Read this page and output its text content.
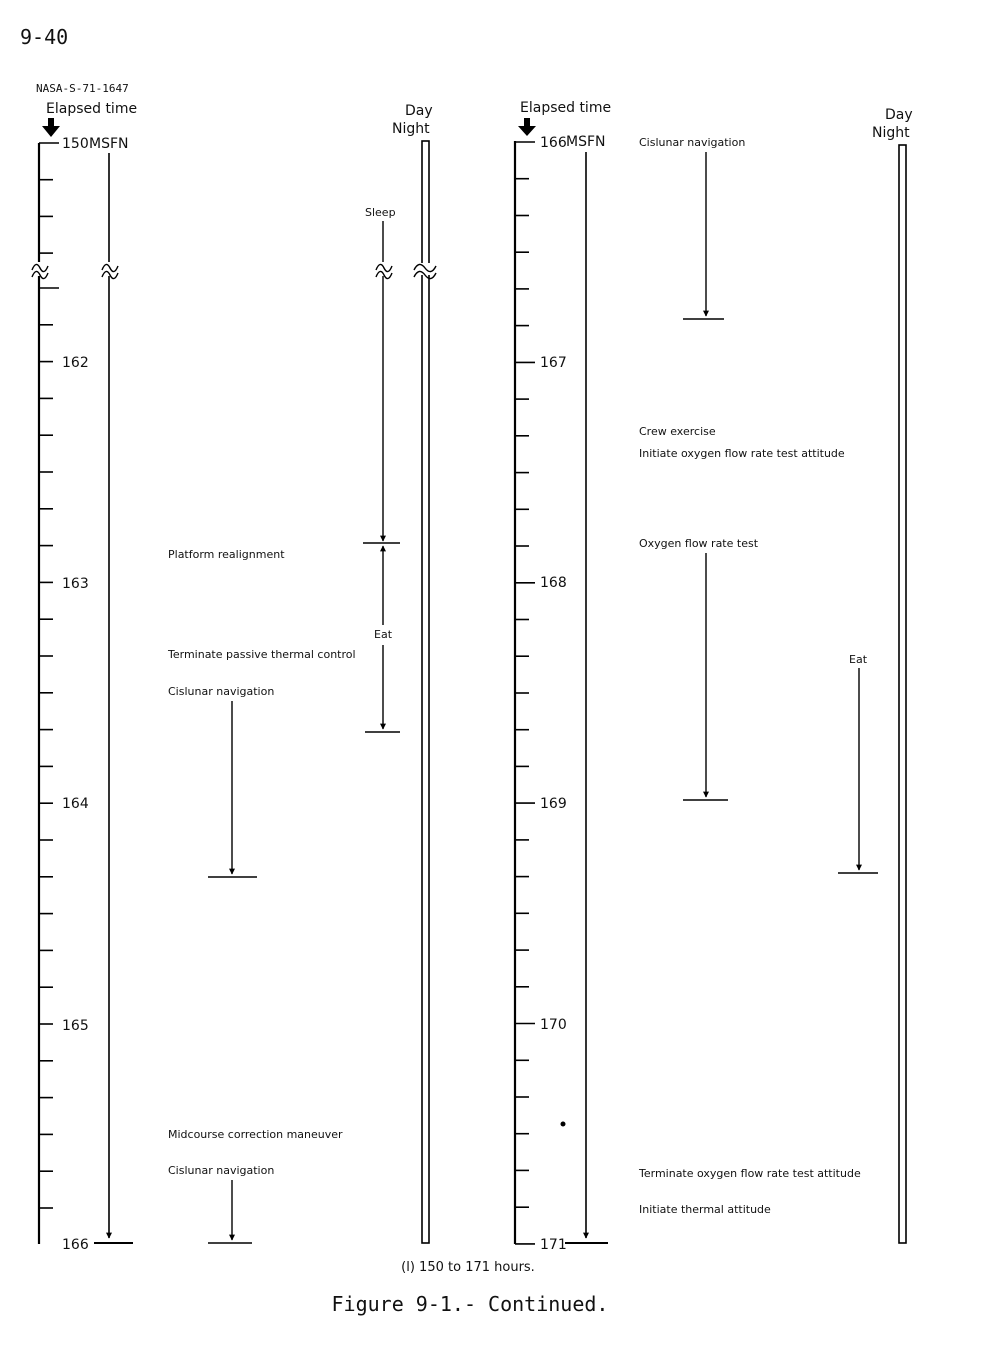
9-40
NASA-S-71-1647
Elapsed time
150
162
163
164
165
166
MSFN
Day
Night
Sleep
Eat
Platform realignment
Terminate passive thermal control
Cislunar navigation
Midcourse correction maneuver
Cislunar navigation
Elapsed time
166
167
168
169
170
171
MSFN
Day
Night
Cislunar navigation
Crew exercise
Initiate oxygen flow rate test attitude
Oxygen flow rate test
Eat
Terminate oxygen flow rate test attitude
Initiate thermal attitude
(l) 150 to 171 hours.
Figure 9-1.- Continued.
